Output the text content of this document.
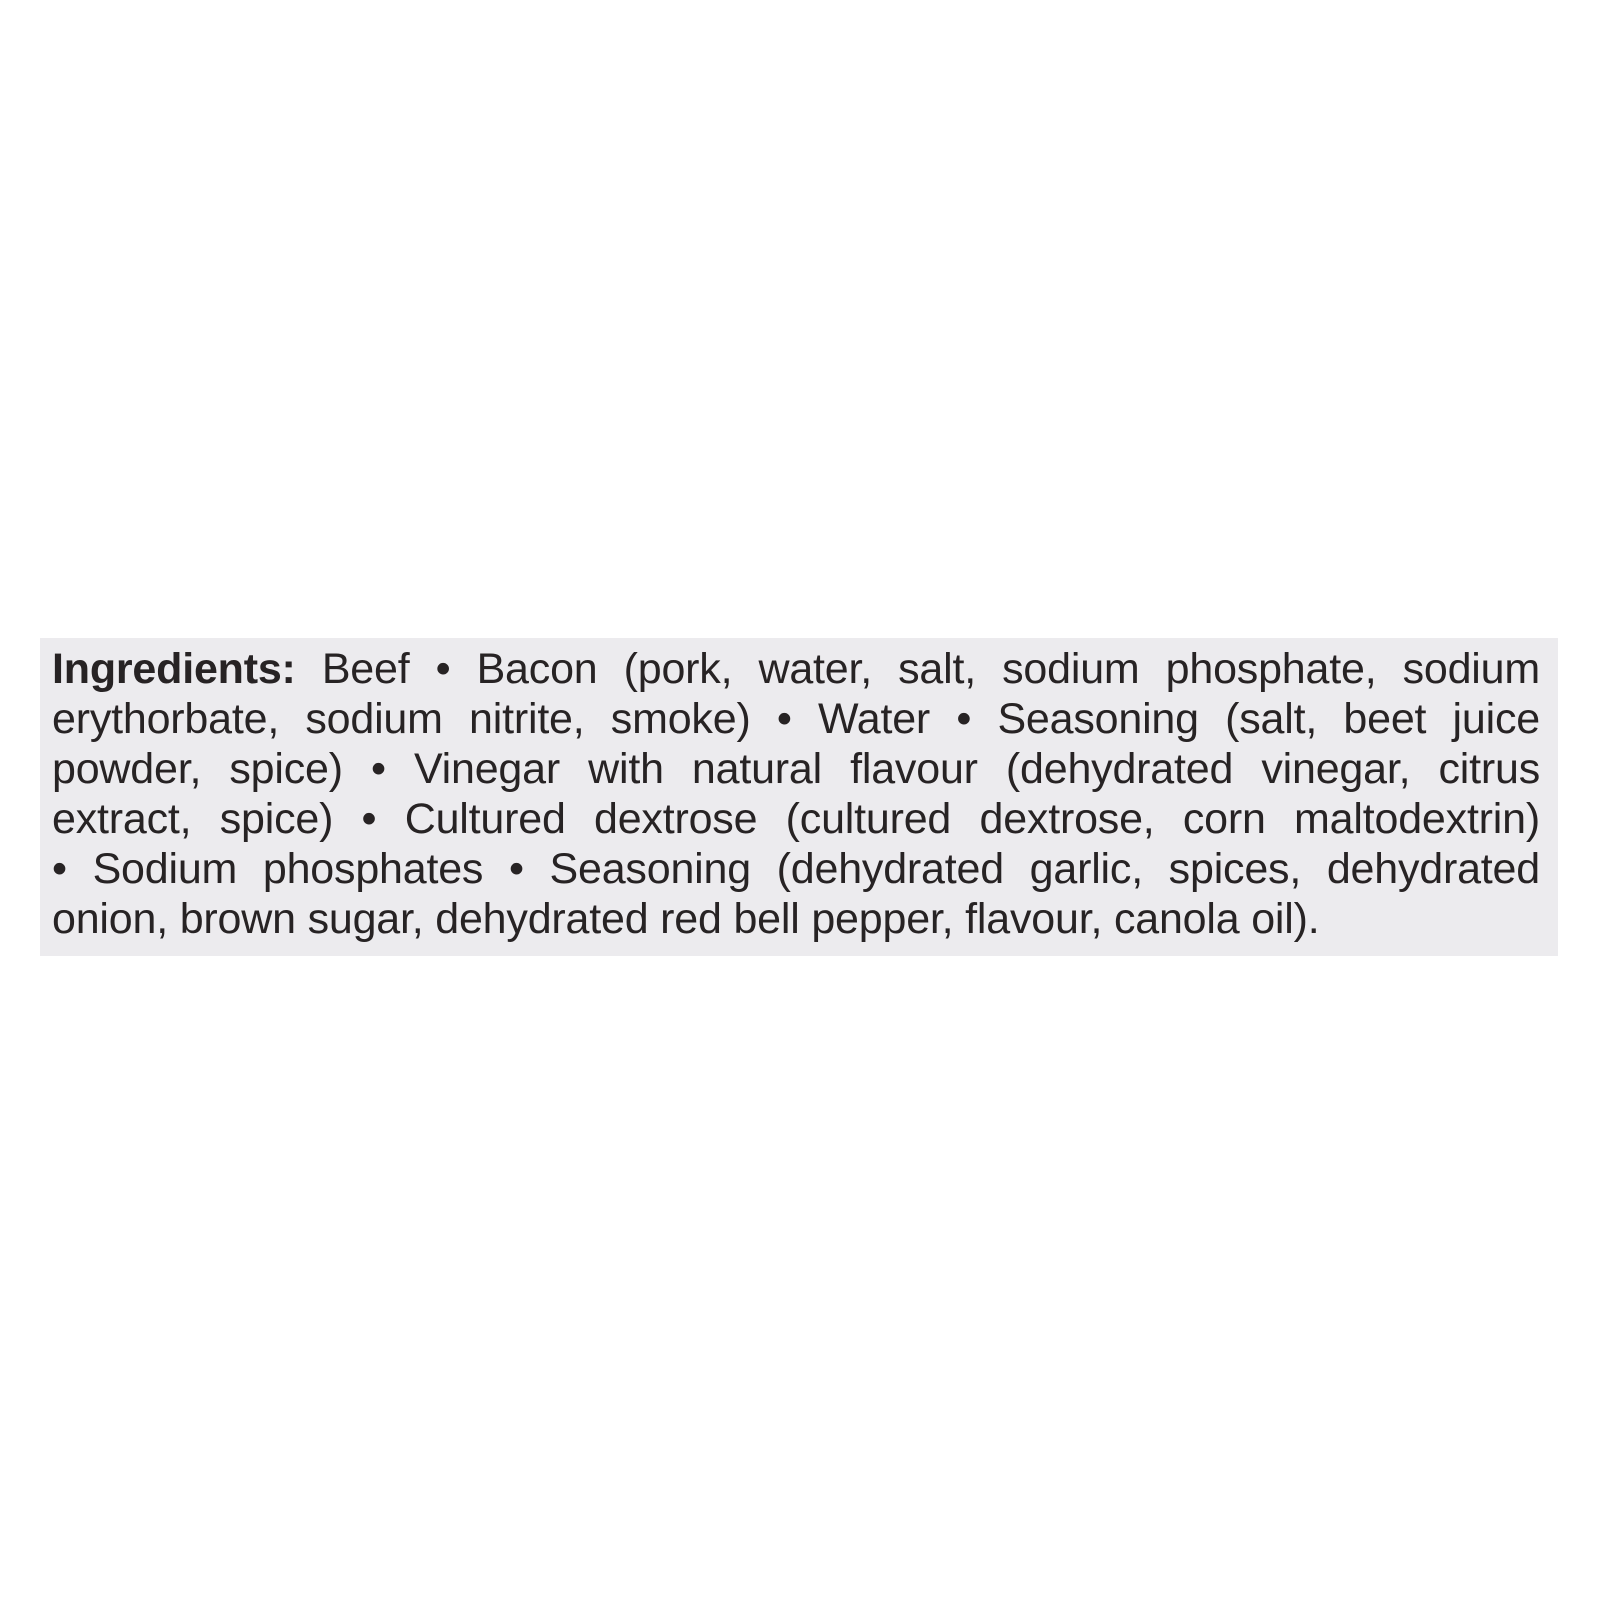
Ingredients: Beef • Bacon (pork, water, salt, sodium phosphate, sodium
erythorbate, sodium nitrite, smoke) • Water • Seasoning (salt, beet juice
powder, spice) • Vinegar with natural flavour (dehydrated vinegar, citrus
extract, spice) • Cultured dextrose (cultured dextrose, corn maltodextrin)
• Sodium phosphates • Seasoning (dehydrated garlic, spices, dehydrated
onion, brown sugar, dehydrated red bell pepper, flavour, canola oil).
